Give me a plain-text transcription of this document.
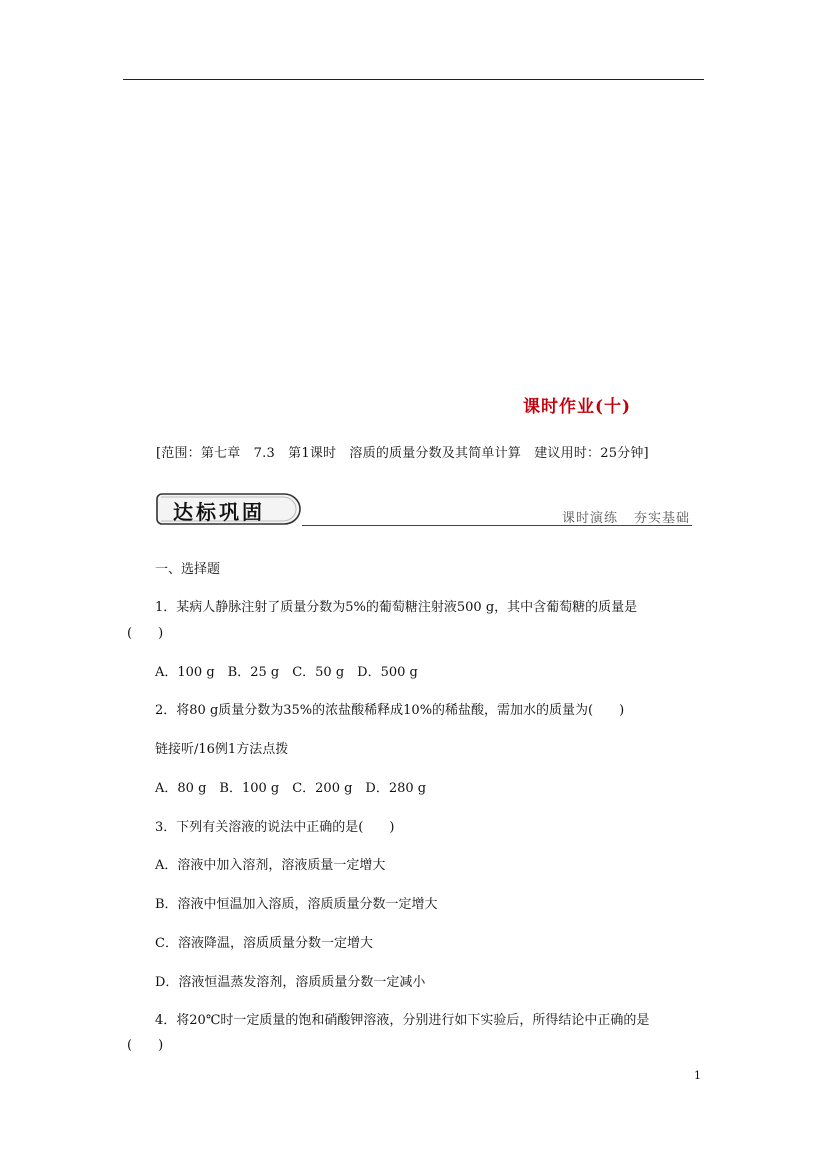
课时作业(十)
[范围：第七章　7.3　第1课时　溶质的质量分数及其简单计算　建议用时：25分钟]
达标巩固	课时演练 夯实基础
一、选择题
1．某病人静脉注射了质量分数为5%的葡萄糖注射液500 g，其中含葡萄糖的质量是
(　　)
A．100 g　B．25 g　C．50 g　D．500 g
2．将80 g质量分数为35%的浓盐酸稀释成10%的稀盐酸，需加水的质量为(　　)
链接听/16例1方法点拨
A．80 g　B．100 g　C．200 g　D．280 g
3．下列有关溶液的说法中正确的是(　　)
A．溶液中加入溶剂，溶液质量一定增大
B．溶液中恒温加入溶质，溶质质量分数一定增大
C．溶液降温，溶质质量分数一定增大
D．溶液恒温蒸发溶剂，溶质质量分数一定减小
4．将20℃时一定质量的饱和硝酸钾溶液，分别进行如下实验后，所得结论中正确的是
(　　)
1
